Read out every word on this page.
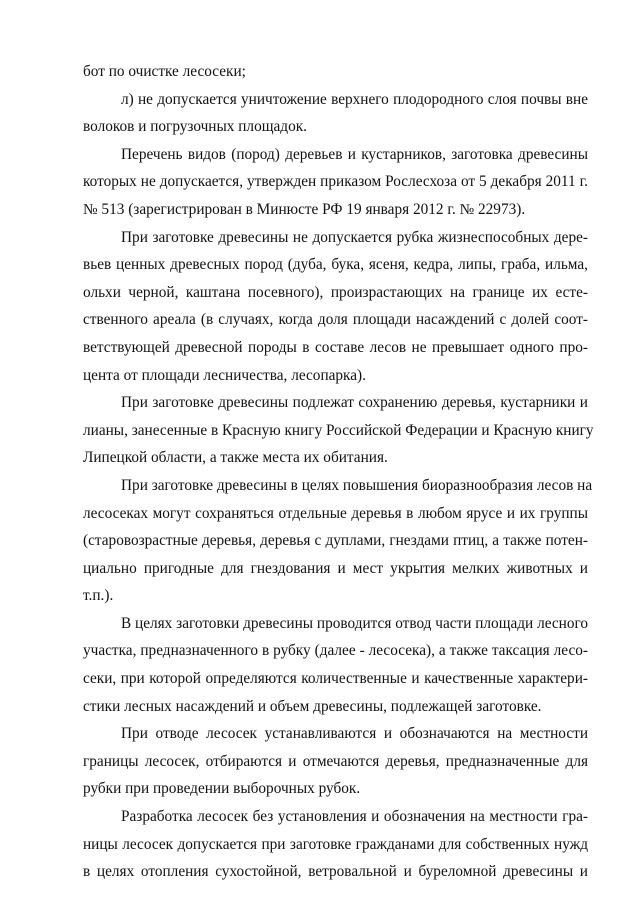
бот по очистке лесосеки;
л) не допускается уничтожение верхнего плодородного слоя почвы вне
волоков и погрузочных площадок.
Перечень видов (пород) деревьев и кустарников, заготовка древесины
которых не допускается, утвержден приказом Рослесхоза от 5 декабря 2011 г.
№ 513 (зарегистрирован в Минюсте РФ 19 января 2012 г. № 22973).
При заготовке древесины не допускается рубка жизнеспособных дере-
вьев ценных древесных пород (дуба, бука, ясеня, кедра, липы, граба, ильма,
ольхи черной, каштана посевного), произрастающих на границе их есте-
ственного ареала (в случаях, когда доля площади насаждений с долей соот-
ветствующей древесной породы в составе лесов не превышает одного про-
цента от площади лесничества, лесопарка).
При заготовке древесины подлежат сохранению деревья, кустарники и
лианы, занесенные в Красную книгу Российской Федерации и Красную книгу
Липецкой области, а также места их обитания.
При заготовке древесины в целях повышения биоразнообразия лесов на
лесосеках могут сохраняться отдельные деревья в любом ярусе и их группы
(старовозрастные деревья, деревья с дуплами, гнездами птиц, а также потен-
циально пригодные для гнездования и мест укрытия мелких животных и
т.п.).
В целях заготовки древесины проводится отвод части площади лесного
участка, предназначенного в рубку (далее - лесосека), а также таксация лесо-
секи, при которой определяются количественные и качественные характери-
стики лесных насаждений и объем древесины, подлежащей заготовке.
При отводе лесосек устанавливаются и обозначаются на местности
границы лесосек, отбираются и отмечаются деревья, предназначенные для
рубки при проведении выборочных рубок.
Разработка лесосек без установления и обозначения на местности гра-
ницы лесосек допускается при заготовке гражданами для собственных нужд
в целях отопления сухостойной, ветровальной и буреломной древесины и
